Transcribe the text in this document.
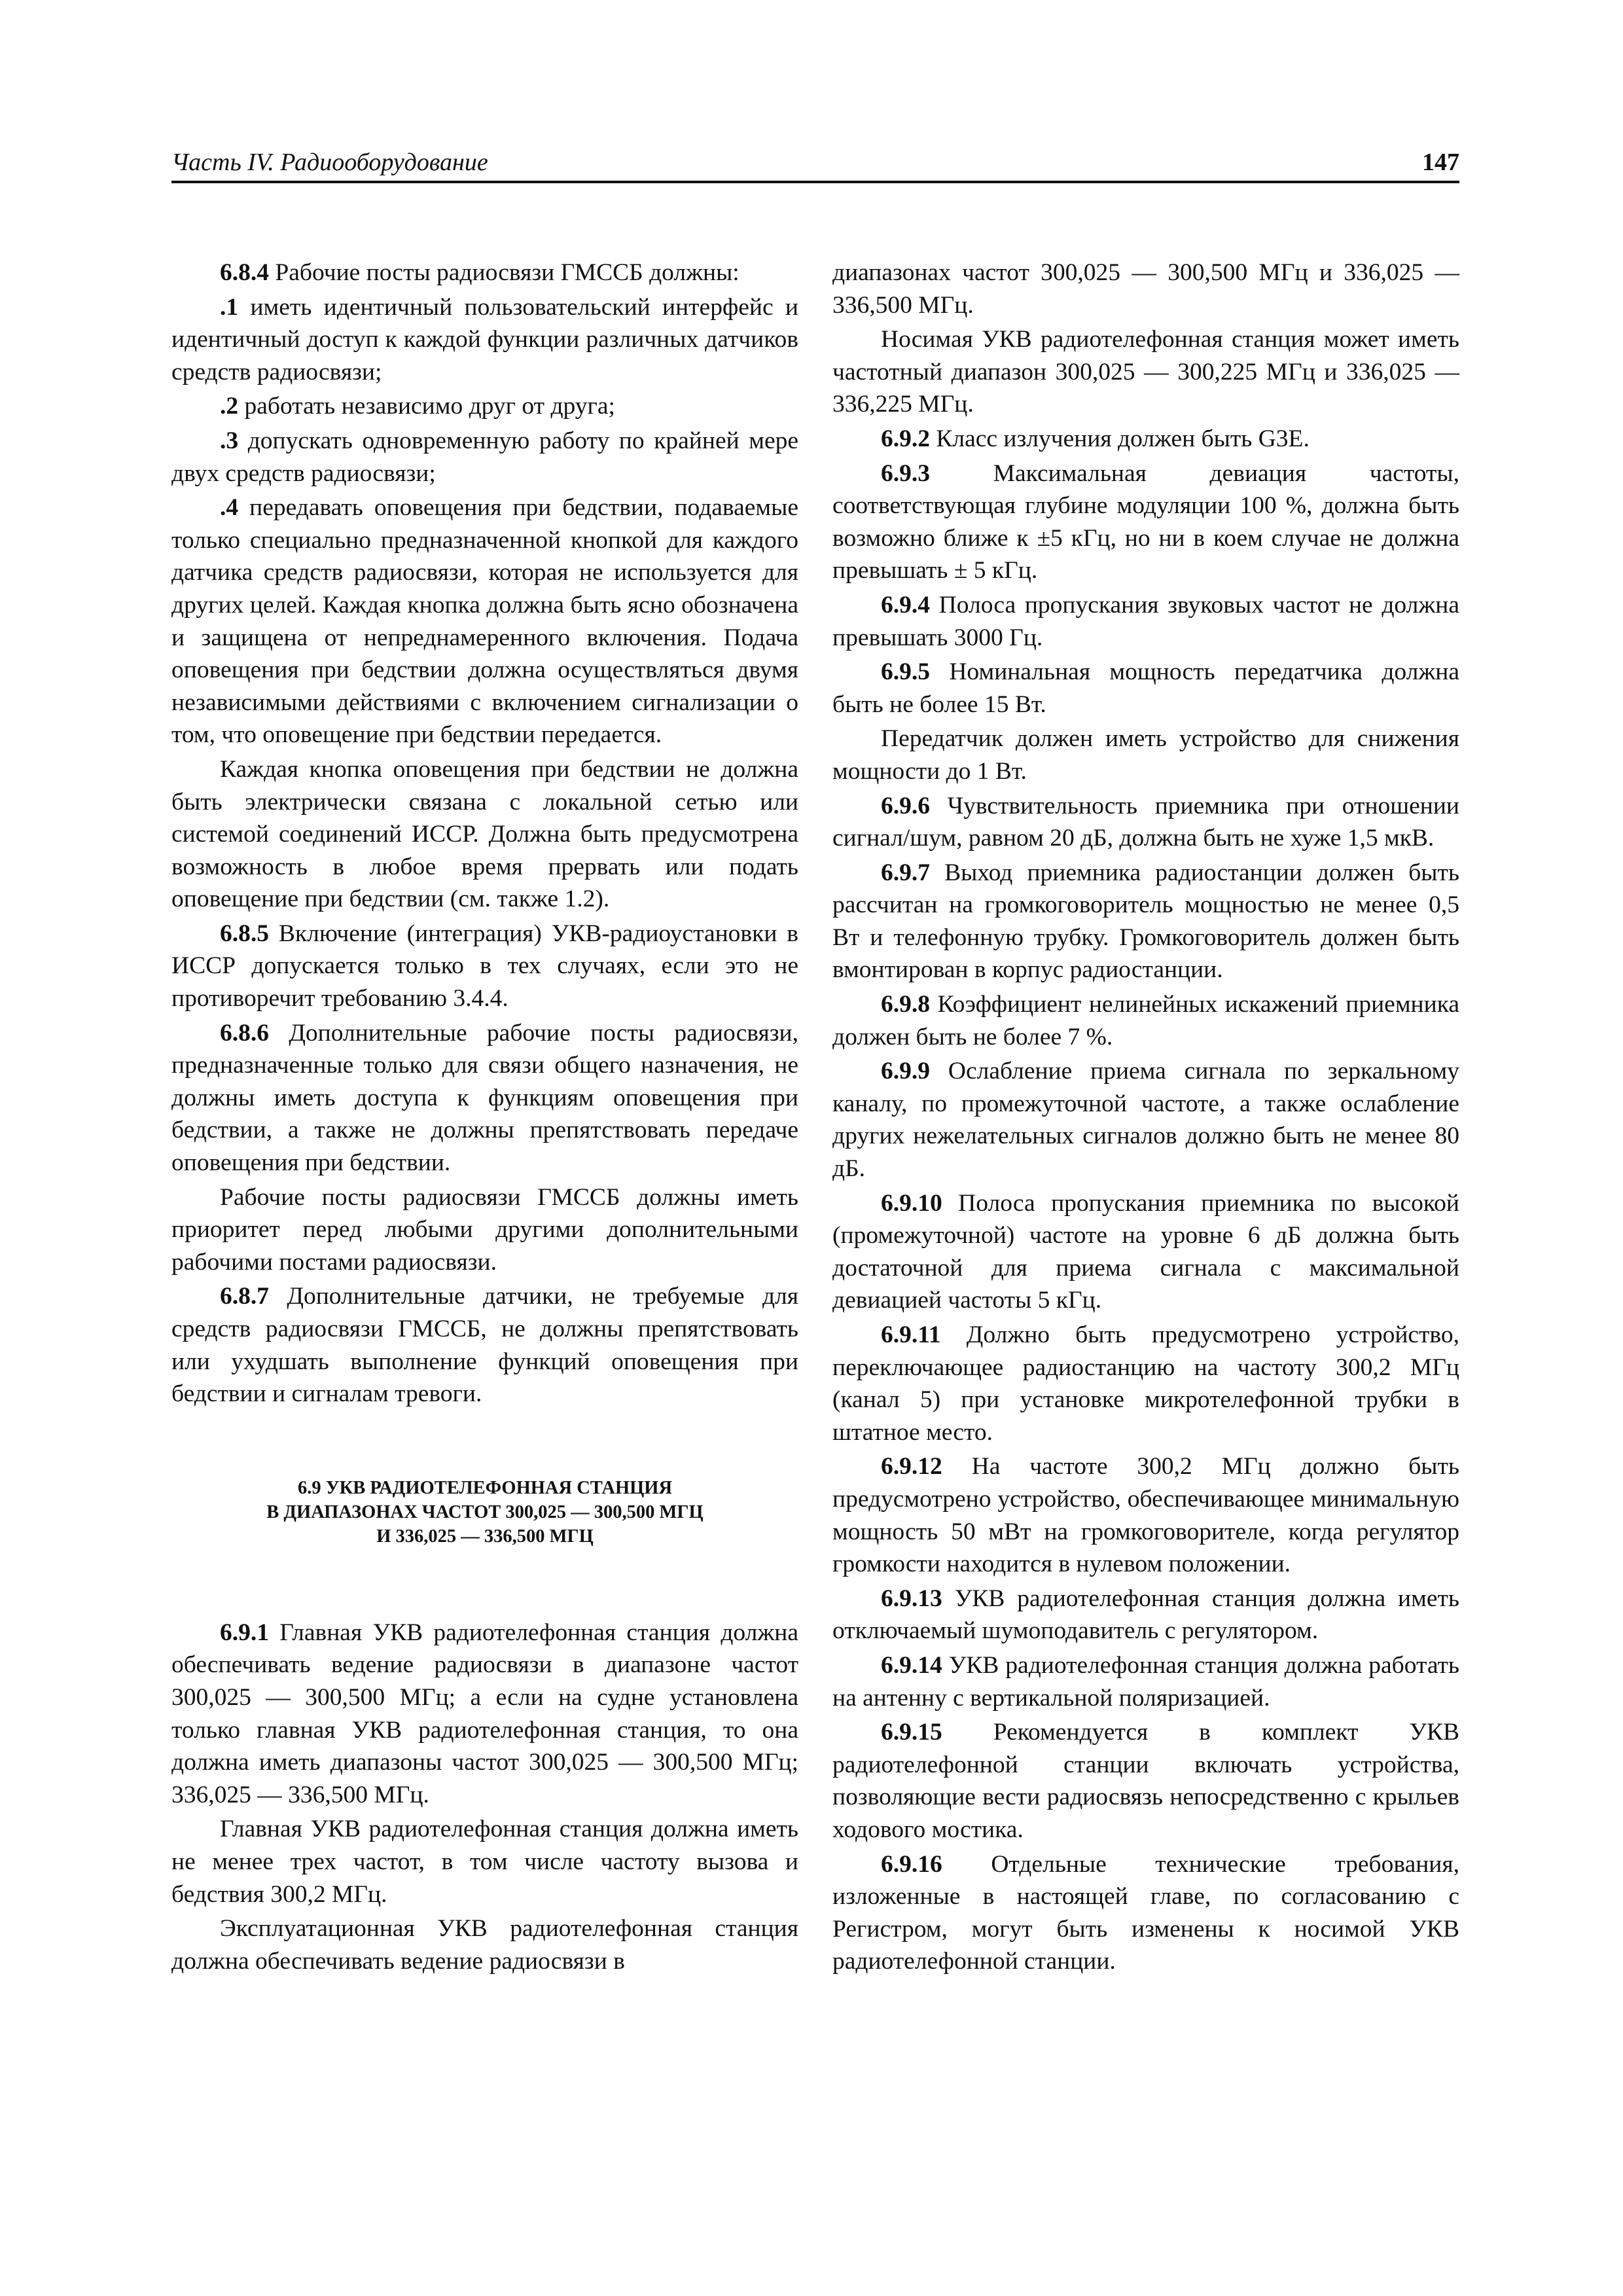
Часть IV. Радиооборудование	147

6.8.4 Рабочие посты радиосвязи ГМССБ должны:

.1 иметь идентичный пользовательский интерфейс и идентичный доступ к каждой функции различных датчиков средств радиосвязи;

.2 работать независимо друг от друга;

.3 допускать одновременную работу по крайней мере двух средств радиосвязи;

.4 передавать оповещения при бедствии, подаваемые только специально предназначенной кнопкой для каждого датчика средств радиосвязи, которая не используется для других целей. Каждая кнопка должна быть ясно обозначена и защищена от непреднамеренного включения. Подача оповещения при бедствии должна осуществляться двумя независимыми действиями с включением сигнализации о том, что оповещение при бедствии передается.

Каждая кнопка оповещения при бедствии не должна быть электрически связана с локальной сетью или системой соединений ИССР. Должна быть предусмотрена возможность в любое время прервать или подать оповещение при бедствии (см. также 1.2).

6.8.5 Включение (интеграция) УКВ-радиоустановки в ИССР допускается только в тех случаях, если это не противоречит требованию 3.4.4.

6.8.6 Дополнительные рабочие посты радиосвязи, предназначенные только для связи общего назначения, не должны иметь доступа к функциям оповещения при бедствии, а также не должны препятствовать передаче оповещения при бедствии.

Рабочие посты радиосвязи ГМССБ должны иметь приоритет перед любыми другими дополнительными рабочими постами радиосвязи.

6.8.7 Дополнительные датчики, не требуемые для средств радиосвязи ГМССБ, не должны препятствовать или ухудшать выполнение функций оповещения при бедствии и сигналам тревоги.

6.9 УКВ РАДИОТЕЛЕФОННАЯ СТАНЦИЯ
В ДИАПАЗОНАХ ЧАСТОТ 300,025 — 300,500 МГЦ
И 336,025 — 336,500 МГЦ

6.9.1 Главная УКВ радиотелефонная станция должна обеспечивать ведение радиосвязи в диапазоне частот 300,025 — 300,500 МГц; а если на судне установлена только главная УКВ радиотелефонная станция, то она должна иметь диапазоны частот 300,025 — 300,500 МГц; 336,025 — 336,500 МГц.

Главная УКВ радиотелефонная станция должна иметь не менее трех частот, в том числе частоту вызова и бедствия 300,2 МГц.

Эксплуатационная УКВ радиотелефонная станция должна обеспечивать ведение радиосвязи в

диапазонах частот 300,025 — 300,500 МГц и 336,025 — 336,500 МГц.

Носимая УКВ радиотелефонная станция может иметь частотный диапазон 300,025 — 300,225 МГц и 336,025 — 336,225 МГц.

6.9.2 Класс излучения должен быть G3E.

6.9.3 Максимальная девиация частоты, соответствующая глубине модуляции 100 %, должна быть возможно ближе к ±5 кГц, но ни в коем случае не должна превышать ± 5 кГц.

6.9.4 Полоса пропускания звуковых частот не должна превышать 3000 Гц.

6.9.5 Номинальная мощность передатчика должна быть не более 15 Вт.

Передатчик должен иметь устройство для снижения мощности до 1 Вт.

6.9.6 Чувствительность приемника при отношении сигнал/шум, равном 20 дБ, должна быть не хуже 1,5 мкВ.

6.9.7 Выход приемника радиостанции должен быть рассчитан на громкоговоритель мощностью не менее 0,5 Вт и телефонную трубку. Громкоговоритель должен быть вмонтирован в корпус радиостанции.

6.9.8 Коэффициент нелинейных искажений приемника должен быть не более 7 %.

6.9.9 Ослабление приема сигнала по зеркальному каналу, по промежуточной частоте, а также ослабление других нежелательных сигналов должно быть не менее 80 дБ.

6.9.10 Полоса пропускания приемника по высокой (промежуточной) частоте на уровне 6 дБ должна быть достаточной для приема сигнала с максимальной девиацией частоты 5 кГц.

6.9.11 Должно быть предусмотрено устройство, переключающее радиостанцию на частоту 300,2 МГц (канал 5) при установке микротелефонной трубки в штатное место.

6.9.12 На частоте 300,2 МГц должно быть предусмотрено устройство, обеспечивающее минимальную мощность 50 мВт на громкоговорителе, когда регулятор громкости находится в нулевом положении.

6.9.13 УКВ радиотелефонная станция должна иметь отключаемый шумоподавитель с регулятором.

6.9.14 УКВ радиотелефонная станция должна работать на антенну с вертикальной поляризацией.

6.9.15 Рекомендуется в комплект УКВ радиотелефонной станции включать устройства, позволяющие вести радиосвязь непосредственно с крыльев ходового мостика.

6.9.16 Отдельные технические требования, изложенные в настоящей главе, по согласованию с Регистром, могут быть изменены к носимой УКВ радиотелефонной станции.
